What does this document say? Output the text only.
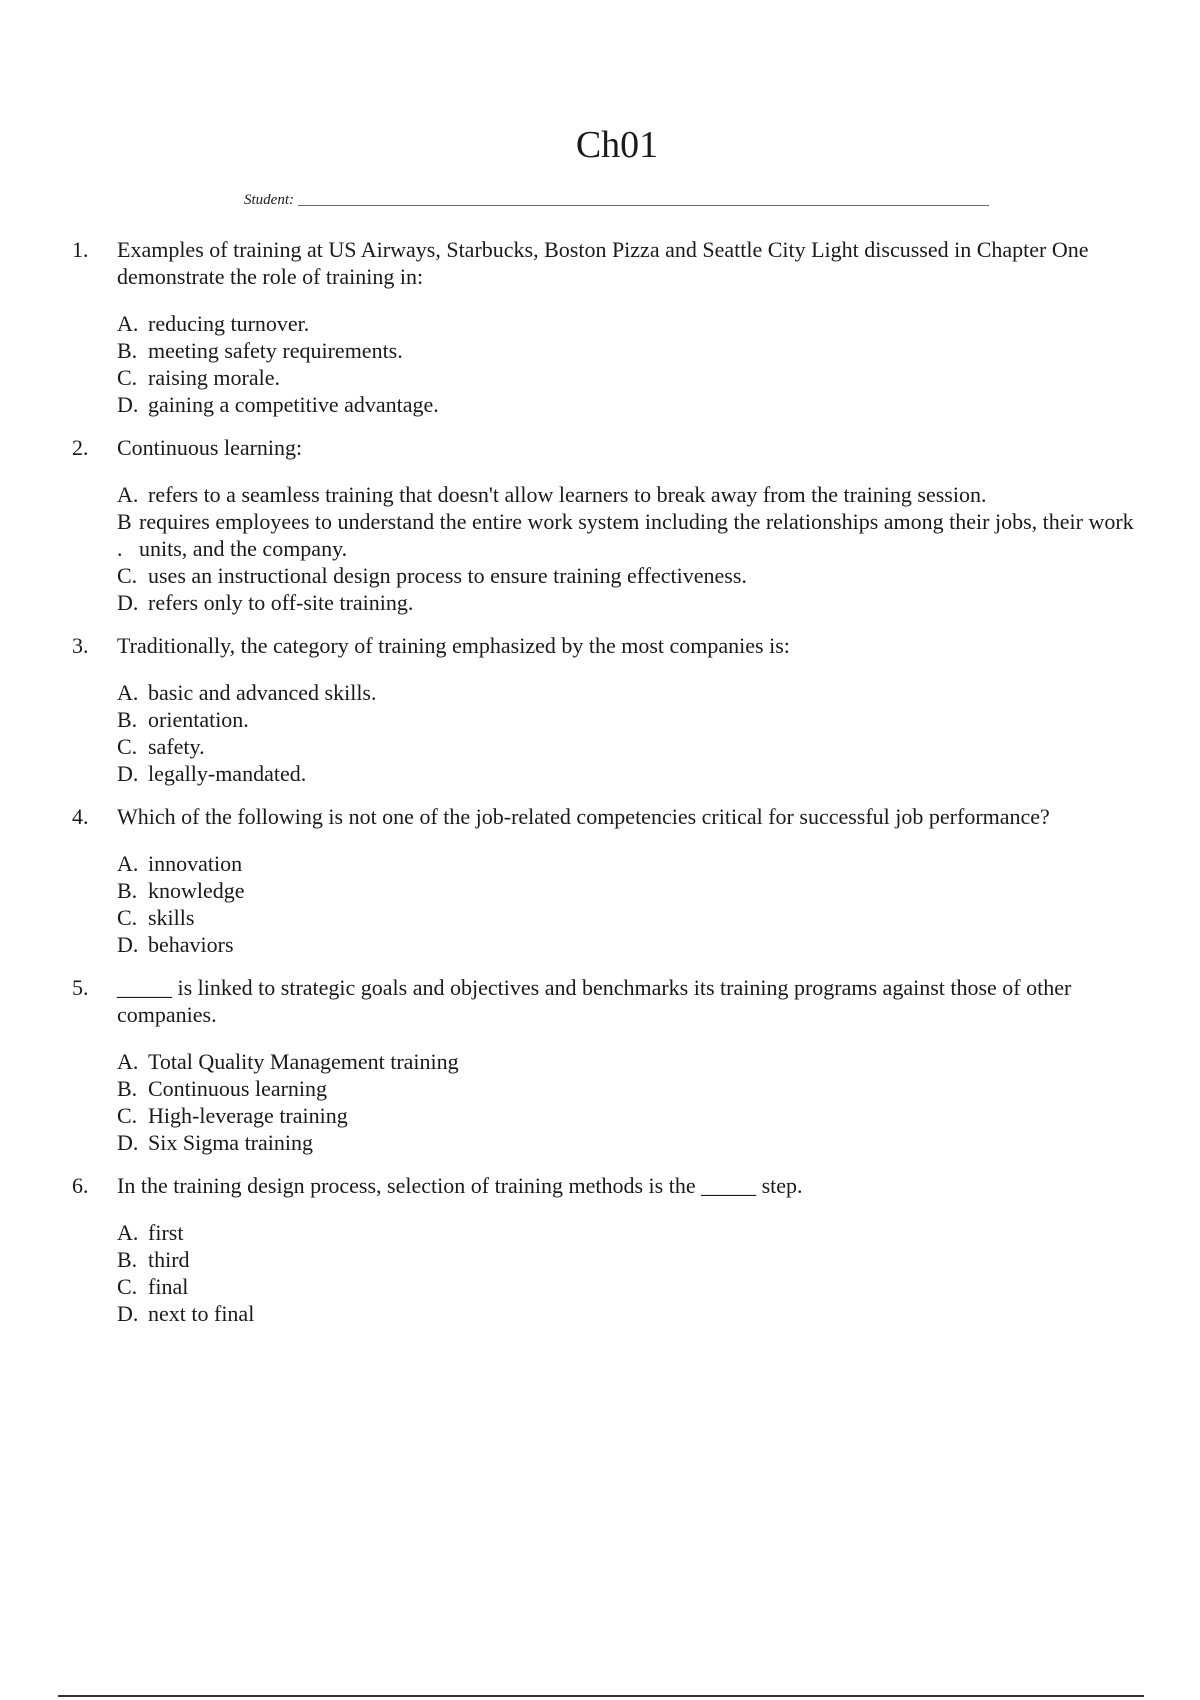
Ch01
Student:
1.	Examples of training at US Airways, Starbucks, Boston Pizza and Seattle City Light discussed in Chapter One demonstrate the role of training in:
A. reducing turnover.
B. meeting safety requirements.
C. raising morale.
D. gaining a competitive advantage.
2.	Continuous learning:
A. refers to a seamless training that doesn't allow learners to break away from the training session.
B .
requires employees to understand the entire work system including the relationships among their jobs, their work units, and the company.
C. uses an instructional design process to ensure training effectiveness.
D. refers only to off-site training.
3.	Traditionally, the category of training emphasized by the most companies is:
A. basic and advanced skills.
B. orientation.
C. safety.
D. legally-mandated.
4.	Which of the following is not one of the job-related competencies critical for successful job performance?
A. innovation
B. knowledge
C. skills
D. behaviors
5.	_____ is linked to strategic goals and objectives and benchmarks its training programs against those of other companies.
A. Total Quality Management training
B. Continuous learning
C. High-leverage training
D. Six Sigma training
6.	In the training design process, selection of training methods is the _____ step.
A. first
B. third
C. final
D. next to final
